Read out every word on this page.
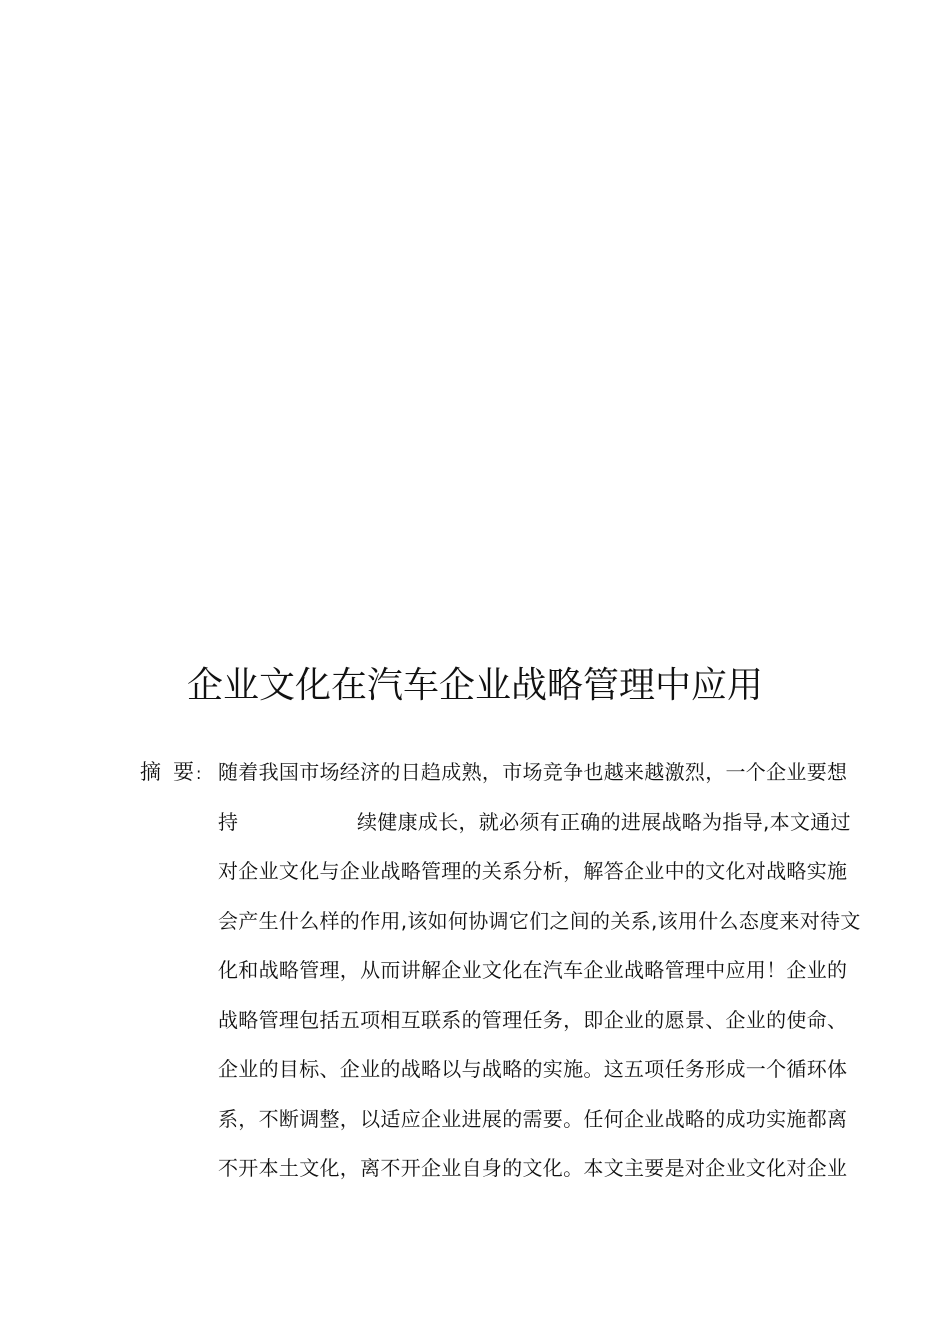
企业文化在汽车企业战略管理中应用
摘 要 : 随着我国市场经济的日趋成熟，市场竞争也越来越激烈，一个企业要想
持	续健康成长，就必须有正确的进展战略为指导,本文通过
对企业文化与企业战略管理的关系分析，解答企业中的文化对战略实施
会产生什么样的作用,该如何协调它们之间的关系,该用什么态度来对待文
化和战略管理，从而讲解企业文化在汽车企业战略管理中应用！企业的
战略管理包括五项相互联系的管理任务，即企业的愿景、企业的使命、
企业的目标、企业的战略以与战略的实施。这五项任务形成一个循环体
系，不断调整，以适应企业进展的需要。任何企业战略的成功实施都离
不开本土文化，离不开企业自身的文化。本文主要是对企业文化对企业
